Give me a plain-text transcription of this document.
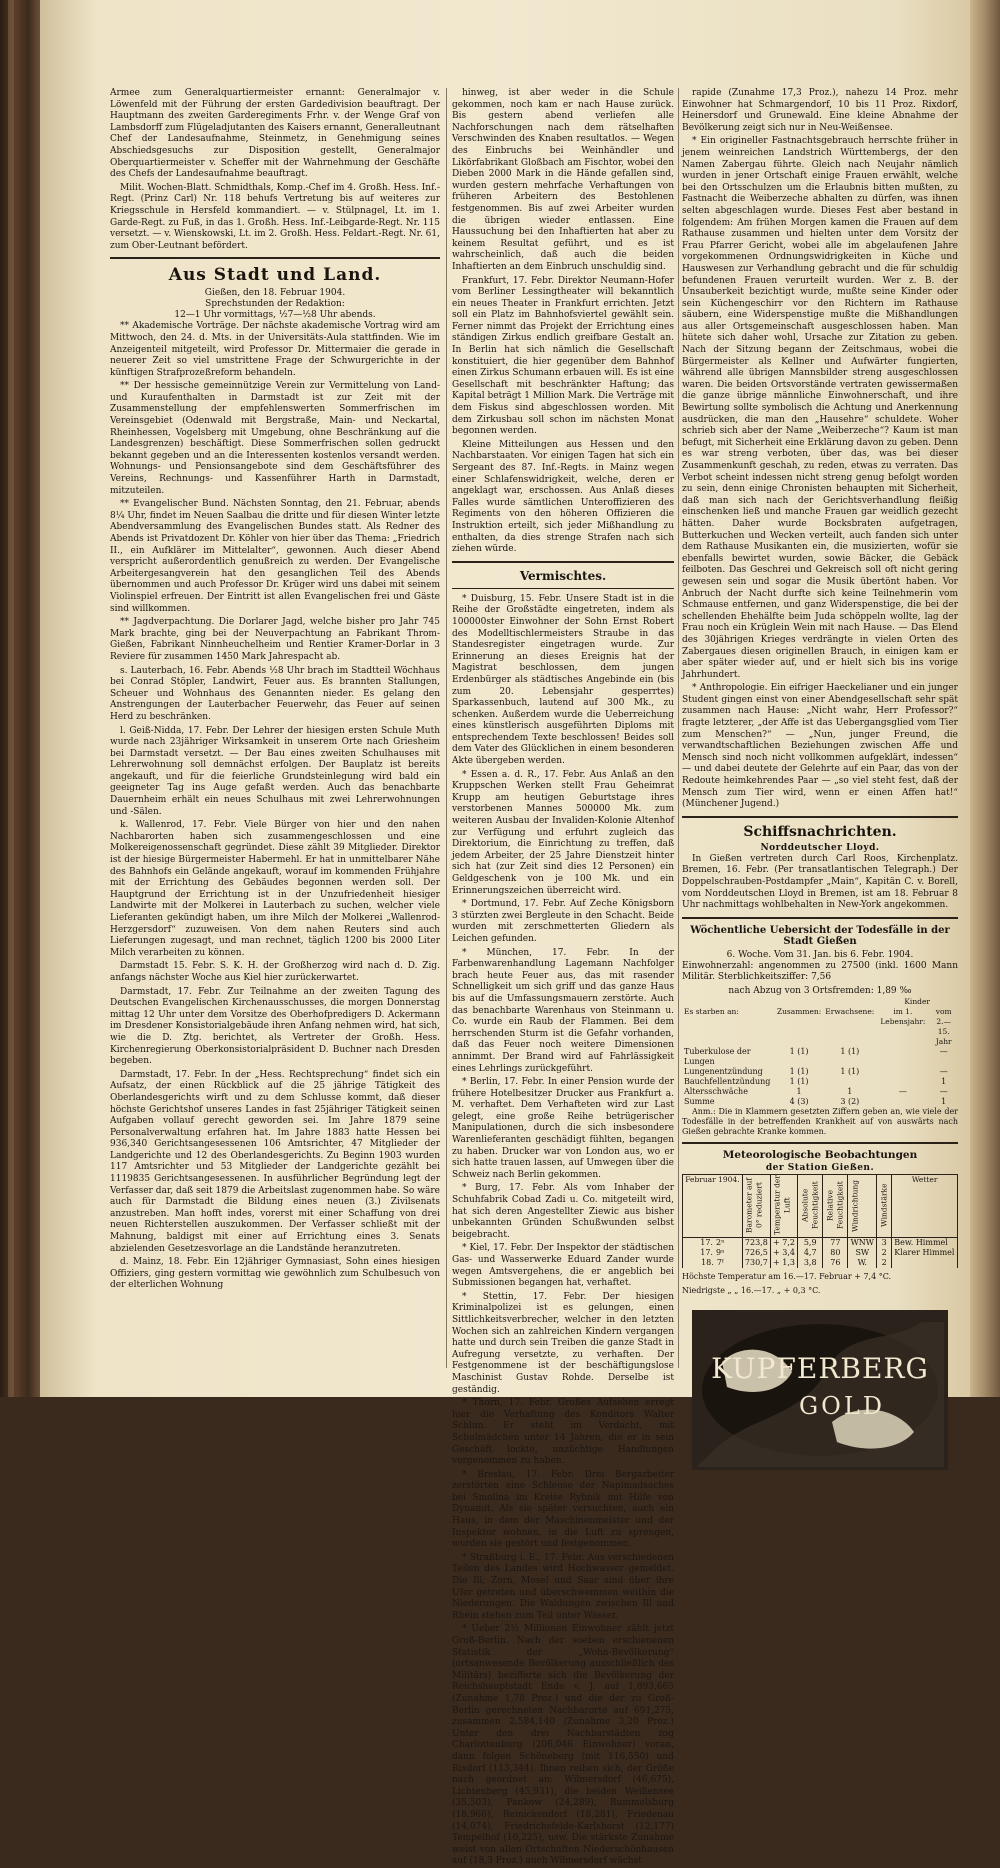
Armee zum Generalquartiermeister ernannt: Generalmajor v. Löwenfeld mit der Führung der ersten Gardedivision beauftragt. Der Hauptmann des zweiten Garderegiments Frhr. v. der Wenge Graf von Lambsdorff zum Flügeladjutanten des Kaisers ernannt, Generalleutnant Chef der Landesaufnahme, Steinmetz, in Genehmigung seines Abschiedsgesuchs zur Disposition gestellt, Generalmajor Oberquartiermeister v. Scheffer mit der Wahrnehmung der Geschäfte des Chefs der Landesaufnahme beauftragt.

Milit. Wochen-Blatt. Schmidthals, Komp.-Chef im 4. Großh. Hess. Inf.-Regt. (Prinz Carl) Nr. 118 behufs Vertretung bis auf weiteres zur Kriegsschule in Hersfeld kommandiert. — v. Stülpnagel, Lt. im 1. Garde-Regt. zu Fuß, in das 1. Großh. Hess. Inf.-Leibgarde-Regt. Nr. 115 versetzt. — v. Wienskowski, Lt. im 2. Großh. Hess. Feldart.-Regt. Nr. 61, zum Ober-Leutnant befördert.

Aus Stadt und Land.

Gießen, den 18. Februar 1904.

Sprechstunden der Redaktion:

12—1 Uhr vormittags, ½7—½8 Uhr abends.

** Akademische Vorträge. Der nächste akademische Vortrag wird am Mittwoch, den 24. d. Mts. in der Universitäts-Aula stattfinden. Wie im Anzeigenteil mitgeteilt, wird Professor Dr. Mittermaier die gerade in neuerer Zeit so viel umstrittene Frage der Schwurgerichte in der künftigen Strafprozeßreform behandeln.

** Der hessische gemeinnützige Verein zur Vermittelung von Land- und Kuraufenthalten in Darmstadt ist zur Zeit mit der Zusammenstellung der empfehlenswerten Sommerfrischen im Vereinsgebiet (Odenwald mit Bergstraße, Main- und Neckartal, Rheinhessen, Vogelsberg mit Umgebung, ohne Beschränkung auf die Landesgrenzen) beschäftigt. Diese Sommerfrischen sollen gedruckt bekannt gegeben und an die Interessenten kostenlos versandt werden. Wohnungs- und Pensionsangebote sind dem Geschäftsführer des Vereins, Rechnungs- und Kassenführer Harth in Darmstadt, mitzuteilen.

** Evangelischer Bund. Nächsten Sonntag, den 21. Februar, abends 8¼ Uhr, findet im Neuen Saalbau die dritte und für diesen Winter letzte Abendversammlung des Evangelischen Bundes statt. Als Redner des Abends ist Privatdozent Dr. Köhler von hier über das Thema: „Friedrich II., ein Aufklärer im Mittelalter“, gewonnen. Auch dieser Abend verspricht außerordentlich genußreich zu werden. Der Evangelische Arbeitergesangverein hat den gesanglichen Teil des Abends übernommen und auch Professor Dr. Krüger wird uns dabei mit seinem Violinspiel erfreuen. Der Eintritt ist allen Evangelischen frei und Gäste sind willkommen.

** Jagdverpachtung. Die Dorlarer Jagd, welche bisher pro Jahr 745 Mark brachte, ging bei der Neuverpachtung an Fabrikant Throm-Gießen, Fabrikant Ninnheuchelheim und Rentier Kramer-Dorlar in 3 Reviere für zusammen 1450 Mark Jahrespacht ab.

s. Lauterbach, 16. Febr. Abends ½8 Uhr brach im Stadtteil Wöchhaus bei Conrad Stöpler, Landwirt, Feuer aus. Es brannten Stallungen, Scheuer und Wohnhaus des Genannten nieder. Es gelang den Anstrengungen der Lauterbacher Feuerwehr, das Feuer auf seinen Herd zu beschränken.

l. Geiß-Nidda, 17. Febr. Der Lehrer der hiesigen ersten Schule Muth wurde nach 23jähriger Wirksamkeit in unserem Orte nach Griesheim bei Darmstadt versetzt. — Der Bau eines zweiten Schulhauses mit Lehrerwohnung soll demnächst erfolgen. Der Bauplatz ist bereits angekauft, und für die feierliche Grundsteinlegung wird bald ein geeigneter Tag ins Auge gefaßt werden. Auch das benachbarte Dauernheim erhält ein neues Schulhaus mit zwei Lehrerwohnungen und -Sälen.

k. Wallenrod, 17. Febr. Viele Bürger von hier und den nahen Nachbarorten haben sich zusammengeschlossen und eine Molkereigenossenschaft gegründet. Diese zählt 39 Mitglieder. Direktor ist der hiesige Bürgermeister Habermehl. Er hat in unmittelbarer Nähe des Bahnhofs ein Gelände angekauft, worauf im kommenden Frühjahre mit der Errichtung des Gebäudes begonnen werden soll. Der Hauptgrund der Errichtung ist in der Unzufriedenheit hiesiger Landwirte mit der Molkerei in Lauterbach zu suchen, welcher viele Lieferanten gekündigt haben, um ihre Milch der Molkerei „Wallenrod-Herzgersdorf“ zuzuweisen. Von dem nahen Reuters sind auch Lieferungen zugesagt, und man rechnet, täglich 1200 bis 2000 Liter Milch verarbeiten zu können.

Darmstadt 15. Febr. S. K. H. der Großherzog wird nach d. D. Zig. anfangs nächster Woche aus Kiel hier zurückerwartet.

Darmstadt, 17. Febr. Zur Teilnahme an der zweiten Tagung des Deutschen Evangelischen Kirchenausschusses, die morgen Donnerstag mittag 12 Uhr unter dem Vorsitze des Oberhofpredigers D. Ackermann im Dresdener Konsistorialgebäude ihren Anfang nehmen wird, hat sich, wie die D. Ztg. berichtet, als Vertreter der Großh. Hess. Kirchenregierung Oberkonsistorialpräsident D. Buchner nach Dresden begeben.

Darmstadt, 17. Febr. In der „Hess. Rechtsprechung“ findet sich ein Aufsatz, der einen Rückblick auf die 25 jährige Tätigkeit des Oberlandesgerichts wirft und zu dem Schlusse kommt, daß dieser höchste Gerichtshof unseres Landes in fast 25jähriger Tätigkeit seinen Aufgaben vollauf gerecht geworden sei. Im Jahre 1879 seine Personalverwaltung erfahren hat. Im Jahre 1883 hatte Hessen bei 936,340 Gerichtsangesessenen 106 Amtsrichter, 47 Mitglieder der Landgerichte und 12 des Oberlandesgerichts. Zu Beginn 1903 wurden 117 Amtsrichter und 53 Mitglieder der Landgerichte gezählt bei 1119835 Gerichtsangesessenen. In ausführlicher Begründung legt der Verfasser dar, daß seit 1879 die Arbeitslast zugenommen habe. So wäre auch für Darmstadt die Bildung eines neuen (3.) Zivilsenats anzustreben. Man hofft indes, vorerst mit einer Schaffung von drei neuen Richterstellen auszukommen. Der Verfasser schließt mit der Mahnung, baldigst mit einer auf Errichtung eines 3. Senats abzielenden Gesetzesvorlage an die Landstände heranzutreten.

d. Mainz, 18. Febr. Ein 12jähriger Gymnasiast, Sohn eines hiesigen Offiziers, ging gestern vormittag wie gewöhnlich zum Schulbesuch von der elterlichen Wohnung

hinweg, ist aber weder in die Schule gekommen, noch kam er nach Hause zurück. Bis gestern abend verliefen alle Nachforschungen nach dem rätselhaften Verschwinden des Knaben resultatlos. — Wegen des Einbruchs bei Weinhändler und Likörfabrikant Gloßbach am Fischtor, wobei den Dieben 2000 Mark in die Hände gefallen sind, wurden gestern mehrfache Verhaftungen von früheren Arbeitern des Bestohlenen festgenommen. Bis auf zwei Arbeiter wurden die übrigen wieder entlassen. Eine Haussuchung bei den Inhaftierten hat aber zu keinem Resultat geführt, und es ist wahrscheinlich, daß auch die beiden Inhaftierten an dem Einbruch unschuldig sind.

Frankfurt, 17. Febr. Direktor Neumann-Hofer vom Berliner Lessingtheater will bekanntlich ein neues Theater in Frankfurt errichten. Jetzt soll ein Platz im Bahnhofsviertel gewählt sein. Ferner nimmt das Projekt der Errichtung eines ständigen Zirkus endlich greifbare Gestalt an. In Berlin hat sich nämlich die Gesellschaft konstituiert, die hier gegenüber dem Bahnhof einen Zirkus Schumann erbauen will. Es ist eine Gesellschaft mit beschränkter Haftung; das Kapital beträgt 1 Million Mark. Die Verträge mit dem Fiskus sind abgeschlossen worden. Mit dem Zirkusbau soll schon im nächsten Monat begonnen werden.

Kleine Mitteilungen aus Hessen und den Nachbarstaaten. Vor einigen Tagen hat sich ein Sergeant des 87. Inf.-Regts. in Mainz wegen einer Schlafenswidrigkeit, welche, deren er angeklagt war, erschossen. Aus Anlaß dieses Falles wurde sämtlichen Unteroffizieren des Regiments von den höheren Offizieren die Instruktion erteilt, sich jeder Mißhandlung zu enthalten, da dies strenge Strafen nach sich ziehen würde.

Vermischtes.

* Duisburg, 15. Febr. Unsere Stadt ist in die Reihe der Großstädte eingetreten, indem als 100000ster Einwohner der Sohn Ernst Robert des Modelltischlermeisters Straube in das Standesregister eingetragen wurde. Zur Erinnerung an dieses Ereignis hat der Magistrat beschlossen, dem jungen Erdenbürger als städtisches Angebinde ein (bis zum 20. Lebensjahr gesperrtes) Sparkassenbuch, lautend auf 300 Mk., zu schenken. Außerdem wurde die Ueberreichung eines künstlerisch ausgeführten Diploms mit entsprechendem Texte beschlossen! Beides soll dem Vater des Glücklichen in einem besonderen Akte übergeben werden.

* Essen a. d. R., 17. Febr. Aus Anlaß an den Kruppschen Werken stellt Frau Geheimrat Krupp am heutigen Geburtstage ihres verstorbenen Mannes 500000 Mk. zum weiteren Ausbau der Invaliden-Kolonie Altenhof zur Verfügung und erfuhrt zugleich das Direktorium, die Einrichtung zu treffen, daß jedem Arbeiter, der 25 Jahre Dienstzeit hinter sich hat (zur Zeit sind dies 12 Personen) ein Geldgeschenk von je 100 Mk. und ein Erinnerungszeichen überreicht wird.

* Dortmund, 17. Febr. Auf Zeche Königsborn 3 stürzten zwei Bergleute in den Schacht. Beide wurden mit zerschmetterten Gliedern als Leichen gefunden.

* München, 17. Febr. In der Farbenwarenhandlung Lagemann Nachfolger brach heute Feuer aus, das mit rasender Schnelligkeit um sich griff und das ganze Haus bis auf die Umfassungsmauern zerstörte. Auch das benachbarte Warenhaus von Steinmann u. Co. wurde ein Raub der Flammen. Bei dem herrschenden Sturm ist die Gefahr vorhanden, daß das Feuer noch weitere Dimensionen annimmt. Der Brand wird auf Fahrlässigkeit eines Lehrlings zurückgeführt.

* Berlin, 17. Febr. In einer Pension wurde der frühere Hotelbesitzer Drucker aus Frankfurt a. M. verhaftet. Dem Verhafteten wird zur Last gelegt, eine große Reihe betrügerischer Manipulationen, durch die sich insbesondere Warenlieferanten geschädigt fühlten, begangen zu haben. Drucker war von London aus, wo er sich hatte trauen lassen, auf Umwegen über die Schweiz nach Berlin gekommen.

* Burg, 17. Febr. Als vom Inhaber der Schuhfabrik Cobad Zadi u. Co. mitgeteilt wird, hat sich deren Angestellter Ziewic aus bisher unbekannten Gründen Schußwunden selbst beigebracht.

* Kiel, 17. Febr. Der Inspektor der städtischen Gas- und Wasserwerke Eduard Zander wurde wegen Amtsvergehens, die er angeblich bei Submissionen begangen hat, verhaftet.

* Stettin, 17. Febr. Der hiesigen Kriminalpolizei ist es gelungen, einen Sittlichkeitsverbrecher, welcher in den letzten Wochen sich an zahlreichen Kindern vergangen hatte und durch sein Treiben die ganze Stadt in Aufregung versetzte, zu verhaften. Der Festgenommene ist der beschäftigungslose Maschinist Gustav Rohde. Derselbe ist geständig.

* Thorn, 17. Febr. Großes Aufsehen erregt hier die Verhaftung des Konditors Walter Schlun. Er steht im Verdacht, mit Schulmädchen unter 14 Jahren, die er in sein Geschäft lockte, unzüchtige Handlungen vorgenommen zu haben.

* Breslau, 17. Febr. Drei Bergarbeiter zerstörten eine Schleuse der Napimadsaches bei Smolina im Kreise Rybnik mit Hilfe von Dynamit. Als sie später versuchten, auch ein Haus, in dem der Maschinenmeister und der Inspektor wohnen, in die Luft zu sprengen, wurden sie gestört und festgenommen.

* Straßburg i. E., 17. Febr. Aus verschiedenen Teilen des Landes wird Hochwasser gemeldet. Die Ill, Zorn, Mosel und Saar sind über ihre Ufer getreten und überschwemmen weithin die Niederungen. Die Waldungen zwischen Ill und Rhein stehen zum Teil unter Wasser.

* Ueber 2½ Millionen Einwohner zählt jetzt Groß-Berlin. Nach der soeben erschienenen Statistik der „Wohn-Bevölkerung“ (ortsanwesende Bevölkerung ausschließlich des Militärs) bezifferte sich die Bevölkerung der Reichshauptstadt Ende v. J. auf 1,893,665 (Zunahme 1,78 Proz.) und die der zu Groß-Berlin gerechneten Nachbarorte auf 691,275, zusammen 2,584,140 (Zunahme 3,20 Proz.) Unter den drei Nachbarstädten zog Charlottenburg (206,046 Einwohner) voran, dann folgen Schöneberg (mit 116,550) und Rixdorf (113,344). Ihnen reihen sich, der Größe nach geordnet an: Wilmersdorf (46,675), Lichtenberg (45,931), die beiden Weißensee (35,503), Pankow (24,289), Rummelsburg (18,966), Reinickendorf (18,281), Friedenau (14,074), Friedrichsfelde-Karlshorst (12,177) Tempelhof (10,225), usw. Die stärkste Zunahme weist von allen Ortschaften Niederschönhausen auf (18,3 Proz.) auch Wilmersdorf wächst

rapide (Zunahme 17,3 Proz.), nahezu 14 Proz. mehr Einwohner hat Schmargendorf, 10 bis 11 Proz. Rixdorf, Heinersdorf und Grunewald. Eine kleine Abnahme der Bevölkerung zeigt sich nur in Neu-Weißensee.

* Ein origineller Fastnachtsgebrauch herrschte früher in jenem weinreichen Landstrich Württembergs, der den Namen Zabergau führte. Gleich nach Neujahr nämlich wurden in jener Ortschaft einige Frauen erwählt, welche bei den Ortsschulzen um die Erlaubnis bitten mußten, zu Fastnacht die Weiberzeche abhalten zu dürfen, was ihnen selten abgeschlagen wurde. Dieses Fest aber bestand in folgendem: Am frühen Morgen kamen die Frauen auf dem Rathause zusammen und hielten unter dem Vorsitz der Frau Pfarrer Gericht, wobei alle im abgelaufenen Jahre vorgekommenen Ordnungswidrigkeiten in Küche und Hauswesen zur Verhandlung gebracht und die für schuldig befundenen Frauen verurteilt wurden. Wer z. B. der Unsauberkeit bezichtigt wurde, mußte seine Kinder oder sein Küchengeschirr vor den Richtern im Rathause säubern, eine Widerspenstige mußte die Mißhandlungen aus aller Ortsgemeinschaft ausgeschlossen haben. Man hütete sich daher wohl, Ursache zur Zitation zu geben. Nach der Sitzung begann der Zeitschmaus, wobei die Bürgermeister als Kellner und Aufwärter fungierten, während alle übrigen Mannsbilder streng ausgeschlossen waren. Die beiden Ortsvorstände vertraten gewissermaßen die ganze übrige männliche Einwohnerschaft, und ihre Bewirtung sollte symbolisch die Achtung und Anerkennung ausdrücken, die man den „Hausehre“ schuldete. Woher schrieb sich aber der Name „Weiberzeche“? Kaum ist man befugt, mit Sicherheit eine Erklärung davon zu geben. Denn es war streng verboten, über das, was bei dieser Zusammenkunft geschah, zu reden, etwas zu verraten. Das Verbot scheint indessen nicht streng genug befolgt worden zu sein, denn einige Chronisten behaupten mit Sicherheit, daß man sich nach der Gerichtsverhandlung fleißig einschenken ließ und manche Frauen gar weidlich gezecht hätten. Daher wurde Bocksbraten aufgetragen, Butterkuchen und Wecken verteilt, auch fanden sich unter dem Rathause Musikanten ein, die musizierten, wofür sie ebenfalls bewirtet wurden, sowie Bäcker, die Gebäck feilboten. Das Geschrei und Gekreisch soll oft nicht gering gewesen sein und sogar die Musik übertönt haben. Vor Anbruch der Nacht durfte sich keine Teilnehmerin vom Schmause entfernen, und ganz Widerspenstige, die bei der schellenden Ehehälfte beim Juda schöppeln wollte, lag der Frau noch ein Krüglein Wein mit nach Hause. — Das Elend des 30jährigen Krieges verdrängte in vielen Orten des Zabergaues diesen originellen Brauch, in einigen kam er aber später wieder auf, und er hielt sich bis ins vorige Jahrhundert.

* Anthropologie. Ein eifriger Haeckelianer und ein junger Student gingen einst von einer Abendgesellschaft sehr spät zusammen nach Hause: „Nicht wahr, Herr Professor?“ fragte letzterer, „der Affe ist das Uebergangsglied vom Tier zum Menschen?“ — „Nun, junger Freund, die verwandtschaftlichen Beziehungen zwischen Affe und Mensch sind noch nicht vollkommen aufgeklärt, indessen“ — und dabei deutete der Gelehrte auf ein Paar, das von der Redoute heimkehrendes Paar — „so viel steht fest, daß der Mensch zum Tier wird, wenn er einen Affen hat!“ (Münchener Jugend.)

Schiffsnachrichten.

Norddeutscher Lloyd.

In Gießen vertreten durch Carl Roos, Kirchenplatz. Bremen, 16. Febr. (Per transatlantischen Telegraph.) Der Doppelschrauben-Postdampfer „Main“, Kapitän C. v. Borell, vom Norddeutschen Lloyd in Bremen, ist am 18. Februar 8 Uhr nachmittags wohlbehalten in New-York angekommen.

Wöchentliche Uebersicht der Todesfälle in der Stadt Gießen

6. Woche. Vom 31. Jan. bis 6. Febr. 1904.

Einwohnerzahl: angenommen zu 27500 (inkl. 1600 Mann Militär. Sterblichkeitsziffer: 7,56

nach Abzug von 3 Ortsfremden: 1,89 ‰

			Kinder	
Es starben an:	Zusammen:	Erwachsene:	im 1. Lebensjahr:	vom 2.—15. Jahr
Tuberkulose der Lungen	1 (1)	1 (1)		—
Lungenentzündung	1 (1)	1 (1)		—
Bauchfellentzündung	1 (1)			1
Altersschwäche	1	1	—	—
Summe	4 (3)	3 (2)		1

Anm.: Die in Klammern gesetzten Ziffern geben an, wie viele der Todesfälle in der betreffenden Krankheit auf von auswärts nach Gießen gebrachte Kranke kommen.

Meteorologische Beobachtungen

der Station Gießen.

Februar 1904.	Barometer auf 0° reduziert	Temperatur der Luft	Absolute Feuchtigkeit	Relative Feuchtigkeit	Windrichtung	Windstärke	Wetter
17. 2ⁿ	723,8	+ 7,2	5,9	77	WNW	3	Bew. Himmel
17. 9ⁿ	726,5	+ 3,4	4,7	80	SW	2	Klarer Himmel
18. 7ᶠ	730,7	+ 1,3	3,8	76	W.	2	

Höchste Temperatur am 16.—17. Februar + 7,4 °C.

Niedrigste „ „ 16.—17. „ + 0,3 °C.

KUPFERBERG
GOLD
